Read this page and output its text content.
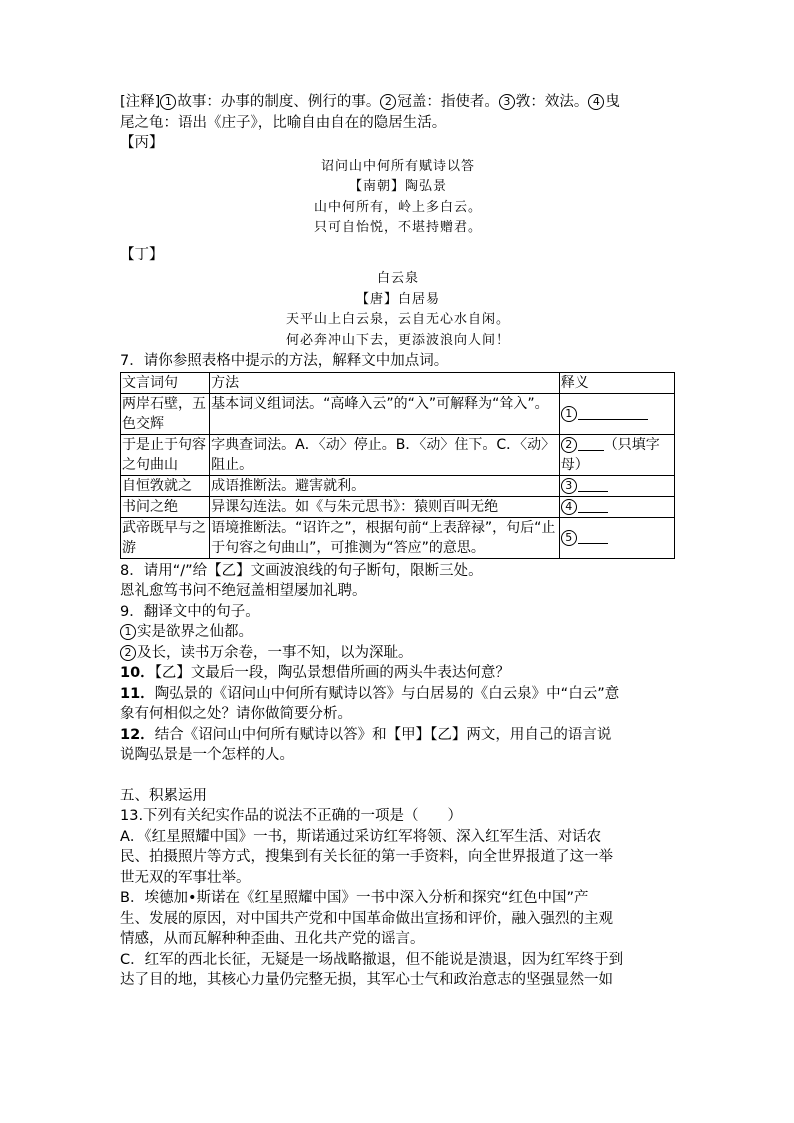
[注释] 1 故事：办事的制度、例行的事。 2 冠盖：指使者。 3 敩：效法。 4 曳

尾之龟：语出《庄子》，比喻自由自在的隐居生活。

【丙】

诏问山中何所有赋诗以答

【南朝】陶弘景

山中何所有，岭上多白云。

只可自怡悦，不堪持赠君。

【丁】

白云泉

【唐】白居易

天平山上白云泉，云自无心水自闲。

何必奔冲山下去，更添波浪向人间！

7．请你参照表格中提示的方法，解释文中加点词。

文言词句	方法	释义
两岸石壁，五色交辉	基本词义组词法。“高峰入云”的“入”可解释为“耸入”。	1
于是止于句容之句曲山	字典查词法。A．〈动〉停止。B．〈动〉住下。C．〈动〉阻止。	2 （只填字母）
自恒敩就之	成语推断法。避害就利。	3
书问之绝	异课勾连法。如《与朱元思书》：猿则百叫无绝	4
武帝既早与之游	语境推断法。“诏许之”，根据句前“上表辞禄”，句后“止于句容之句曲山”，可推测为“答应”的意思。	5

8．请用“/”给【乙】文画波浪线的句子断句，限断三处。

恩礼愈笃书问不绝冠盖相望屡加礼聘。

9．翻译文中的句子。

1 实是欲界之仙都。

2 及长，读书万余卷，一事不知，以为深耻。

10．【乙】文最后一段，陶弘景想借所画的两头牛表达何意？

11．陶弘景的《诏问山中何所有赋诗以答》与白居易的《白云泉》中“白云”意

象有何相似之处？请你做简要分析。

12．结合《诏问山中何所有赋诗以答》和【甲】【乙】两文，用自己的语言说

说陶弘景是一个怎样的人。

五、积累运用

13.下列有关纪实作品的说法不正确的一项是（　　）

A．《红星照耀中国》一书，斯诺通过采访红军将领、深入红军生活、对话农

民、拍摄照片等方式，搜集到有关长征的第一手资料，向全世界报道了这一举

世无双的军事壮举。

B．埃德加•斯诺在《红星照耀中国》一书中深入分析和探究“红色中国”产

生、发展的原因，对中国共产党和中国革命做出宣扬和评价，融入强烈的主观

情感，从而瓦解种种歪曲、丑化共产党的谣言。

C．红军的西北长征，无疑是一场战略撤退，但不能说是溃退，因为红军终于到

达了目的地，其核心力量仍完整无损，其军心士气和政治意志的坚强显然一如
